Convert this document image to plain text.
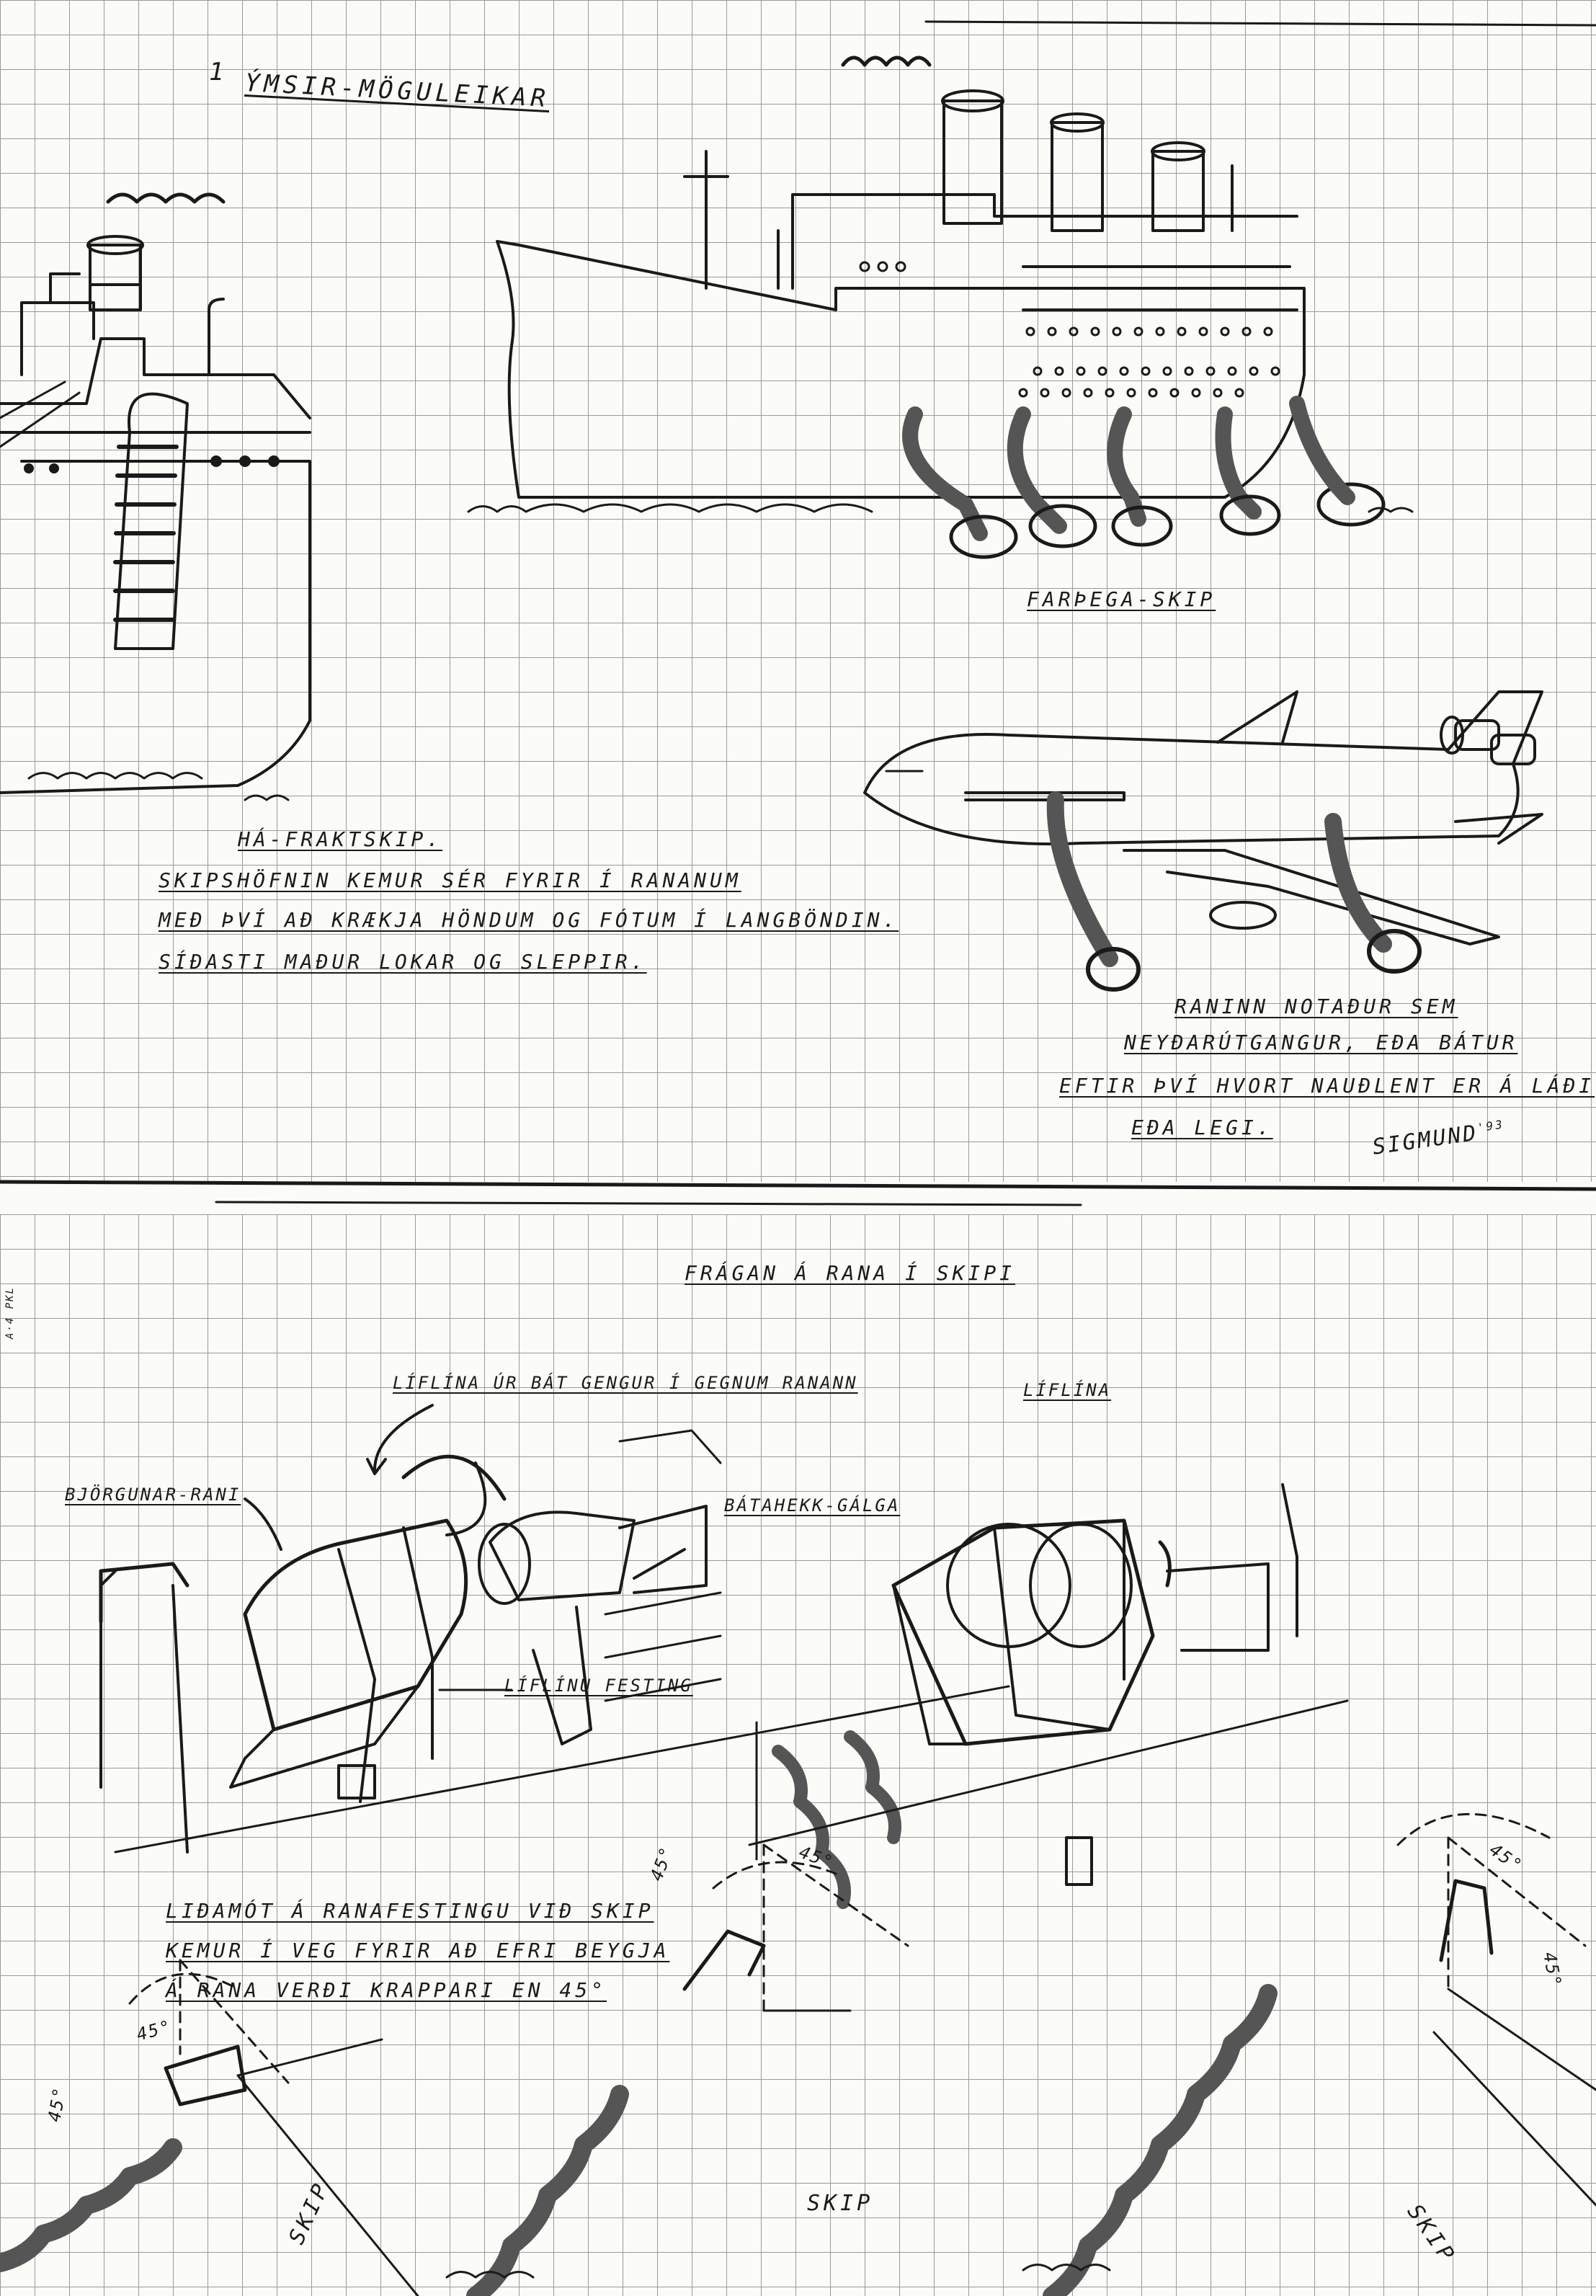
1 ÝMSIR-MÖGULEIKAR
FARÞEGA-SKIP
HÁ-FRAKTSKIP.
SKIPSHÖFNIN KEMUR SÉR FYRIR Í RANANUM
MEÐ ÞVÍ AÐ KRÆKJA HÖNDUM OG FÓTUM Í LANGBÖNDIN.
SÍÐASTI MAÐUR LOKAR OG SLEPPIR.
RANINN NOTAÐUR SEM
NEYÐARÚTGANGUR, EÐA BÁTUR
EFTIR ÞVÍ HVORT NAUÐLENT ER Á LÁÐI
EÐA LEGI.	$SIGMUND^{'93}$
FRÁGAN Á RANA Í SKIPI
LÍFLÍNA ÚR BÁT GENGUR Í GEGNUM RANANN	LÍFLÍNA
BJÖRGUNAR-RANI
BÁTAHEKK-GÁLGA
LÍFLÍNU FESTING
LIÐAMÓT Á RANAFESTINGU VIÐ SKIP
KEMUR Í VEG FYRIR AÐ EFRI BEYGJA
Á RANA VERÐI KRAPPARI EN 45°
45°
45°
45°	45°	45°
45°
SKIP	SKIP	SKIP
A·4 PKL
